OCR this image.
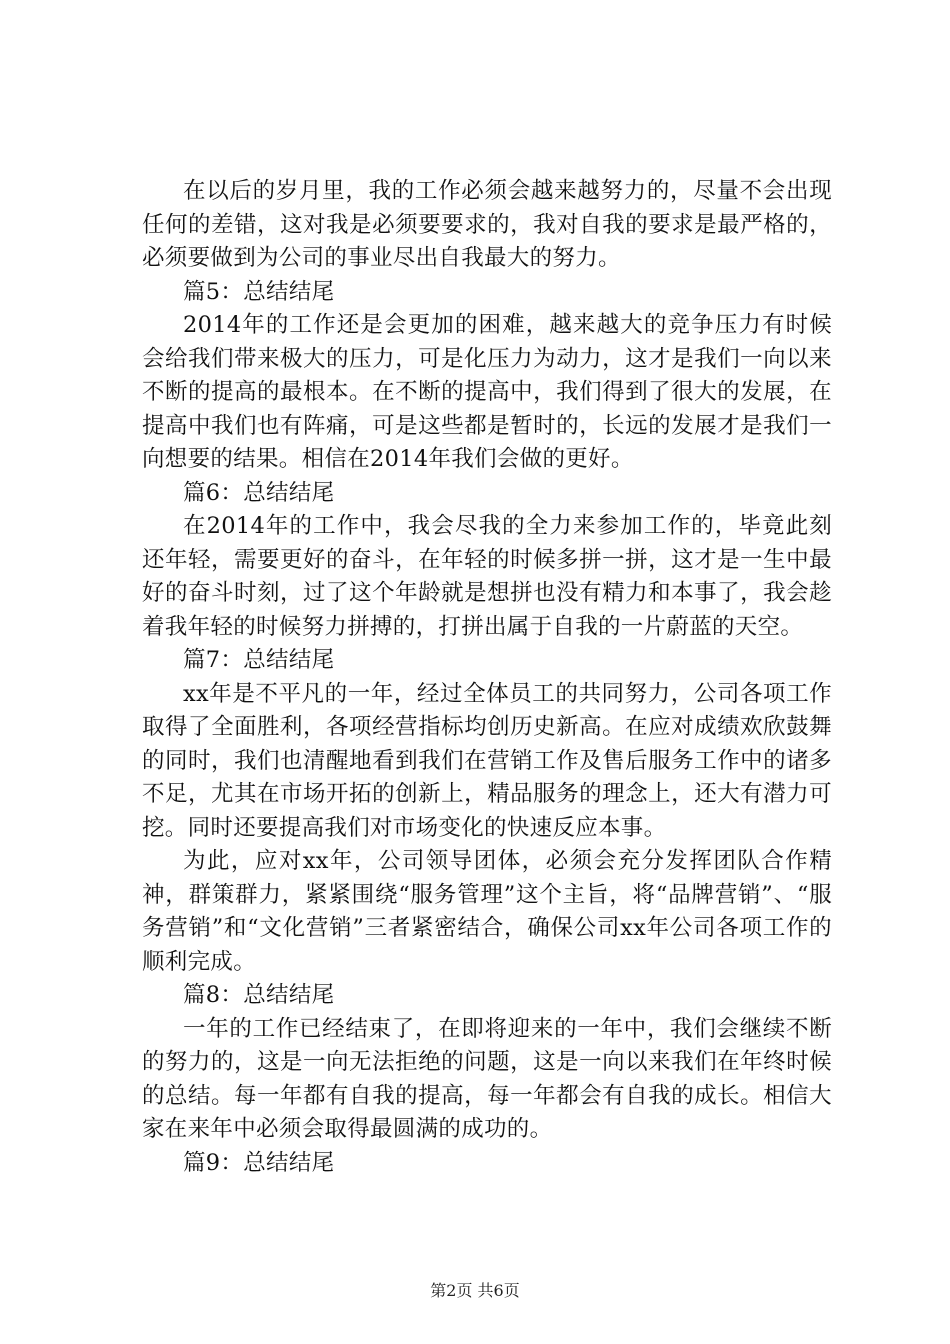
在以后的岁月里，我的工作必须会越来越努力的，尽量不会出现任何的差错，这对我是必须要要求的，我对自我的要求是最严格的，必须要做到为公司的事业尽出自我最大的努力。

篇5：总结结尾

2014年的工作还是会更加的困难，越来越大的竞争压力有时候会给我们带来极大的压力，可是化压力为动力，这才是我们一向以来不断的提高的最根本。在不断的提高中，我们得到了很大的发展，在提高中我们也有阵痛，可是这些都是暂时的，长远的发展才是我们一向想要的结果。相信在2014年我们会做的更好。

篇6：总结结尾

在2014年的工作中，我会尽我的全力来参加工作的，毕竟此刻还年轻，需要更好的奋斗，在年轻的时候多拼一拼，这才是一生中最好的奋斗时刻，过了这个年龄就是想拼也没有精力和本事了，我会趁着我年轻的时候努力拼搏的，打拼出属于自我的一片蔚蓝的天空。

篇7：总结结尾

xx年是不平凡的一年，经过全体员工的共同努力，公司各项工作取得了全面胜利，各项经营指标均创历史新高。在应对成绩欢欣鼓舞的同时，我们也清醒地看到我们在营销工作及售后服务工作中的诸多不足，尤其在市场开拓的创新上，精品服务的理念上，还大有潜力可挖。同时还要提高我们对市场变化的快速反应本事。

为此，应对xx年，公司领导团体，必须会充分发挥团队合作精神，群策群力，紧紧围绕“服务管理”这个主旨，将“品牌营销”、“服务营销”和“文化营销”三者紧密结合，确保公司xx年公司各项工作的顺利完成。

篇8：总结结尾

一年的工作已经结束了，在即将迎来的一年中，我们会继续不断的努力的，这是一向无法拒绝的问题，这是一向以来我们在年终时候的总结。每一年都有自我的提高，每一年都会有自我的成长。相信大家在来年中必须会取得最圆满的成功的。

篇9：总结结尾

第2页 共6页
